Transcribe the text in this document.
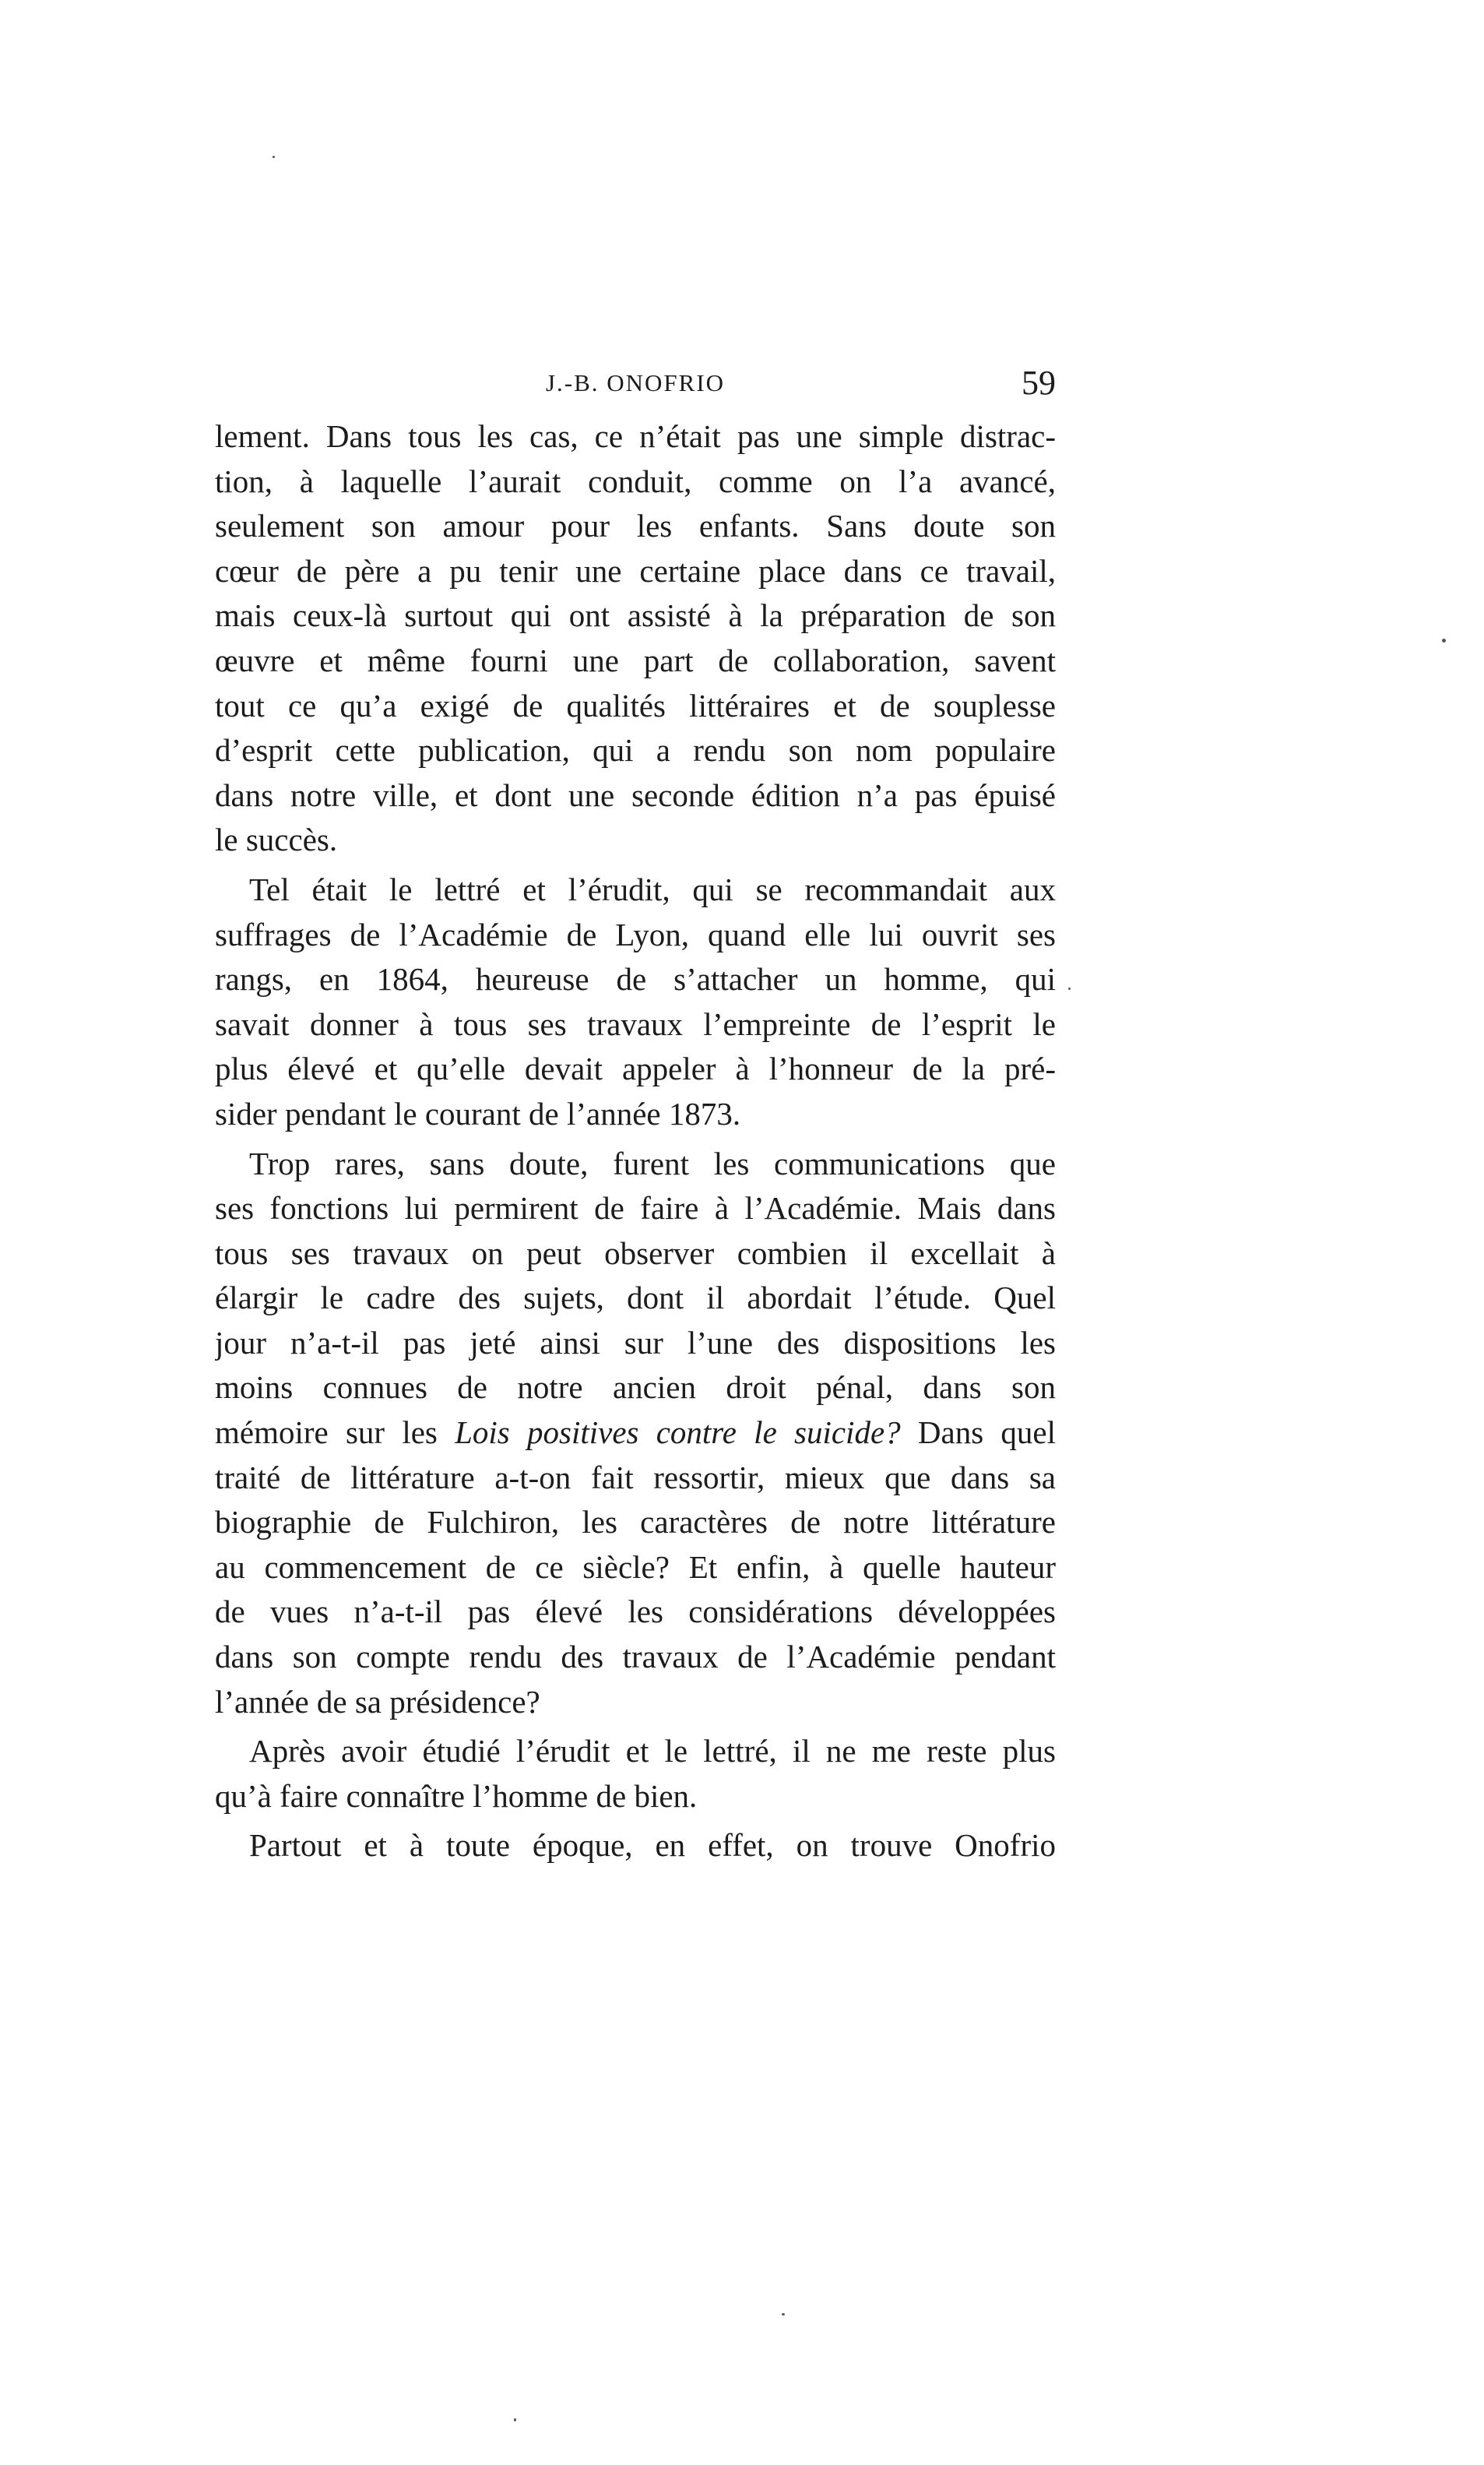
J.-B. ONOFRIO	59
lement. Dans tous les cas, ce n’était pas une simple distrac-
tion, à laquelle l’aurait conduit, comme on l’a avancé,
seulement son amour pour les enfants. Sans doute son
cœur de père a pu tenir une certaine place dans ce travail,
mais ceux-là surtout qui ont assisté à la préparation de son
œuvre et même fourni une part de collaboration, savent
tout ce qu’a exigé de qualités littéraires et de souplesse
d’esprit cette publication, qui a rendu son nom populaire
dans notre ville, et dont une seconde édition n’a pas épuisé
le succès.
Tel était le lettré et l’érudit, qui se recommandait aux
suffrages de l’Académie de Lyon, quand elle lui ouvrit ses
rangs, en 1864, heureuse de s’attacher un homme, qui
savait donner à tous ses travaux l’empreinte de l’esprit le
plus élevé et qu’elle devait appeler à l’honneur de la pré-
sider pendant le courant de l’année 1873.
Trop rares, sans doute, furent les communications que
ses fonctions lui permirent de faire à l’Académie. Mais dans
tous ses travaux on peut observer combien il excellait à
élargir le cadre des sujets, dont il abordait l’étude. Quel
jour n’a-t-il pas jeté ainsi sur l’une des dispositions les
moins connues de notre ancien droit pénal, dans son
mémoire sur les Lois positives contre le suicide? Dans quel
traité de littérature a-t-on fait ressortir, mieux que dans sa
biographie de Fulchiron, les caractères de notre littérature
au commencement de ce siècle? Et enfin, à quelle hauteur
de vues n’a-t-il pas élevé les considérations développées
dans son compte rendu des travaux de l’Académie pendant
l’année de sa présidence?
Après avoir étudié l’érudit et le lettré, il ne me reste plus
qu’à faire connaître l’homme de bien.
Partout et à toute époque, en effet, on trouve Onofrio
